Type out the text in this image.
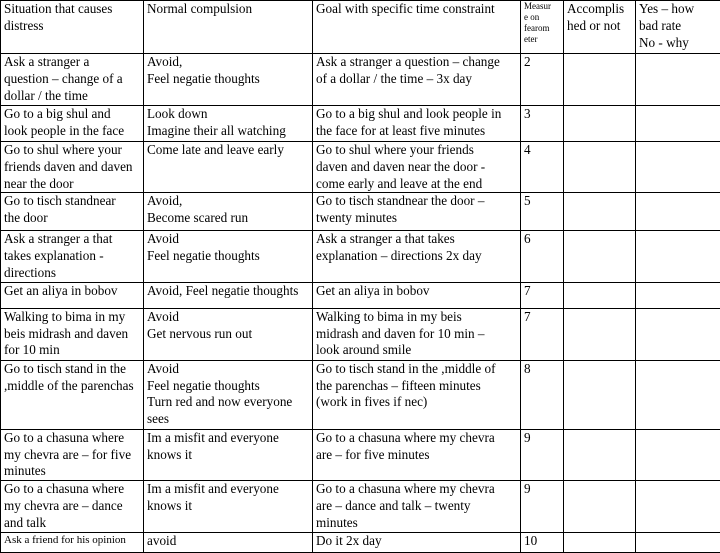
Situation that causes distress	Normal compulsion	Goal with specific time constraint	Measur
e on
fearom
eter	Accomplis
hed or not	Yes – how
bad rate
No - why
Ask a stranger a
question – change of a
dollar / the time	Avoid,
Feel negatie thoughts	Ask a stranger a question – change
of a dollar / the time – 3x day	2		
Go to a big shul and
look people in the face	Look down
Imagine their all watching	Go to a big shul and look people in
the face for at least five minutes	3		
Go to shul where your
friends daven and daven
near the door	Come late and leave early	Go to shul where your friends
daven and daven near the door -
come early and leave at the end	4		
Go to tisch standnear
the door	Avoid,
Become scared run	Go to tisch standnear the door –
twenty minutes	5		
Ask a stranger a that
takes explanation -
directions	Avoid
Feel negatie thoughts	Ask a stranger a that takes
explanation – directions 2x day	6		
Get an aliya in bobov	Avoid, Feel negatie thoughts	Get an aliya in bobov	7		
Walking to bima in my
beis midrash and daven
for 10 min	Avoid
Get nervous run out	Walking to bima in my beis
midrash and daven for 10 min –
look around smile	7		
Go to tisch stand in the
,middle of the parenchas	Avoid
Feel negatie thoughts
Turn red and now everyone
sees	Go to tisch stand in the ,middle of
the parenchas – fifteen minutes
(work in fives if nec)	8		
Go to a chasuna where
my chevra are – for five
minutes	Im a misfit and everyone
knows it	Go to a chasuna where my chevra
are – for five minutes	9		
Go to a chasuna where
my chevra are – dance
and talk	Im a misfit and everyone
knows it	Go to a chasuna where my chevra
are – dance and talk – twenty
minutes	9		
Ask a friend for his opinion	avoid	Do it 2x day	10		
